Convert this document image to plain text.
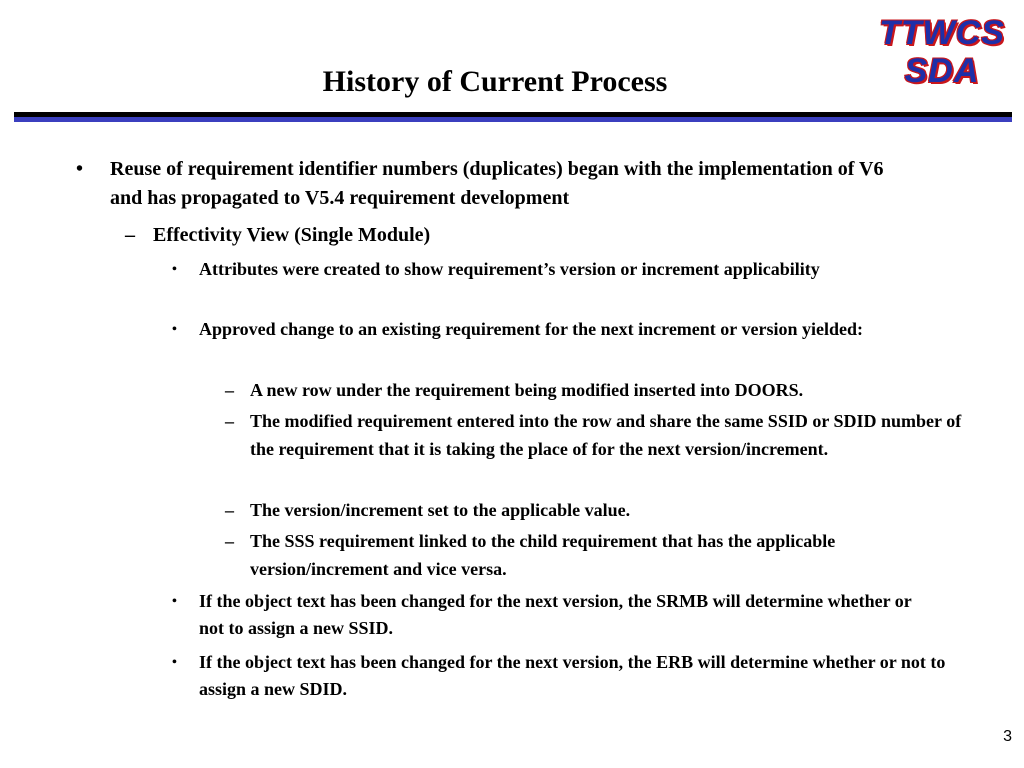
History of Current Process
TTWCS
SDA
• Reuse of requirement identifier numbers (duplicates) began with the implementation of V6 and has propagated to V5.4 requirement development
– Effectivity View (Single Module)
• Attributes were created to show requirement’s version or increment applicability
• Approved change to an existing requirement for the next increment or version yielded:
– A new row under the requirement being modified inserted into DOORS.
– The modified requirement entered into the row and share the same SSID or SDID number of the requirement that it is taking the place of for the next version/increment.
– The version/increment set to the applicable value.
– The SSS requirement linked to the child requirement that has the applicable version/increment and vice versa.
• If the object text has been changed for the next version, the SRMB will determine whether or not to assign a new SSID.
• If the object text has been changed for the next version, the ERB will determine whether or not to assign a new SDID.
3
